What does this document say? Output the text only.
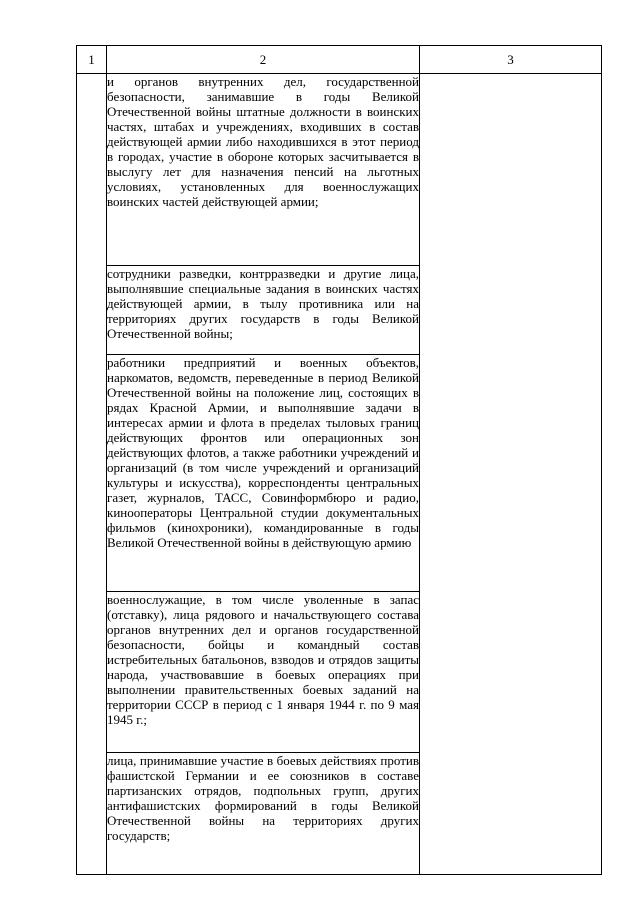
1	2	3

	и органов внутренних дел, государственной безопасности, занимавшие в годы Великой Отечественной войны штатные должности в воинских частях, штабах и учреждениях, входивших в состав действующей армии либо находившихся в этот период в городах, участие в обороне которых засчитывается в выслугу лет для назначения пенсий на льготных условиях, установленных для военнослужащих воинских частей действующей армии;	

	сотрудники разведки, контрразведки и другие лица, выполнявшие специальные задания в воинских частях действующей армии, в тылу противника или на территориях других государств в годы Великой Отечественной войны;	

	работники предприятий и военных объектов, наркоматов, ведомств, переведенные в период Великой Отечественной войны на положение лиц, состоящих в рядах Красной Армии, и выполнявшие задачи в интересах армии и флота в пределах тыловых границ действующих фронтов или операционных зон действующих флотов, а также работники учреждений и организаций (в том числе учреждений и организаций культуры и искусства), корреспонденты центральных газет, журналов, ТАСС, Совинформбюро и радио, кинооператоры Центральной студии документальных фильмов (кинохроники), командированные в годы Великой Отечественной войны в действующую армию	

	военнослужащие, в том числе уволенные в запас (отставку), лица рядового и начальствующего состава органов внутренних дел и органов государственной безопасности, бойцы и командный состав истребительных батальонов, взводов и отрядов защиты народа, участвовавшие в боевых операциях при выполнении правительственных боевых заданий на территории СССР в период с 1 января 1944 г. по 9 мая 1945 г.;	

	лица, принимавшие участие в боевых действиях против фашистской Германии и ее союзников в составе партизанских отрядов, подпольных групп, других антифашистских формирований в годы Великой Отечественной войны на территориях других государств;	
